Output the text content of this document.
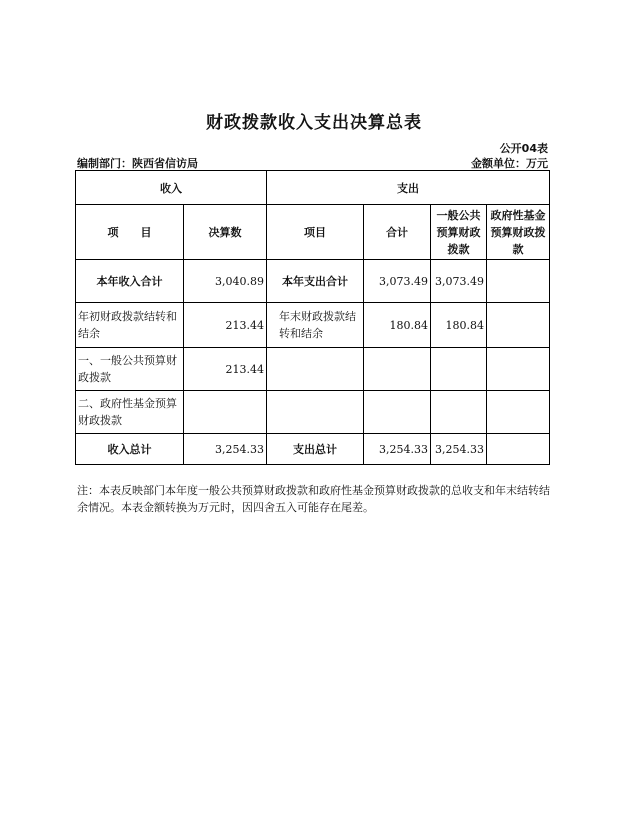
财政拨款收入支出决算总表
公开04表
编制部门：陕西省信访局	金额单位：万元
收入		支出			
项　　目	决算数	项目	合计	一般公共预算财政拨款	政府性基金预算财政拨款
本年收入合计	3,040.89	本年支出合计	3,073.49	3,073.49	
年初财政拨款结转和结余	213.44	年末财政拨款结转和结余	180.84	180.84	
一、一般公共预算财政拨款	213.44				
二、政府性基金预算财政拨款					
收入总计	3,254.33	支出总计	3,254.33	3,254.33	
注：本表反映部门本年度一般公共预算财政拨款和政府性基金预算财政拨款的总收支和年末结转结余情况。本表金额转换为万元时，因四舍五入可能存在尾差。
